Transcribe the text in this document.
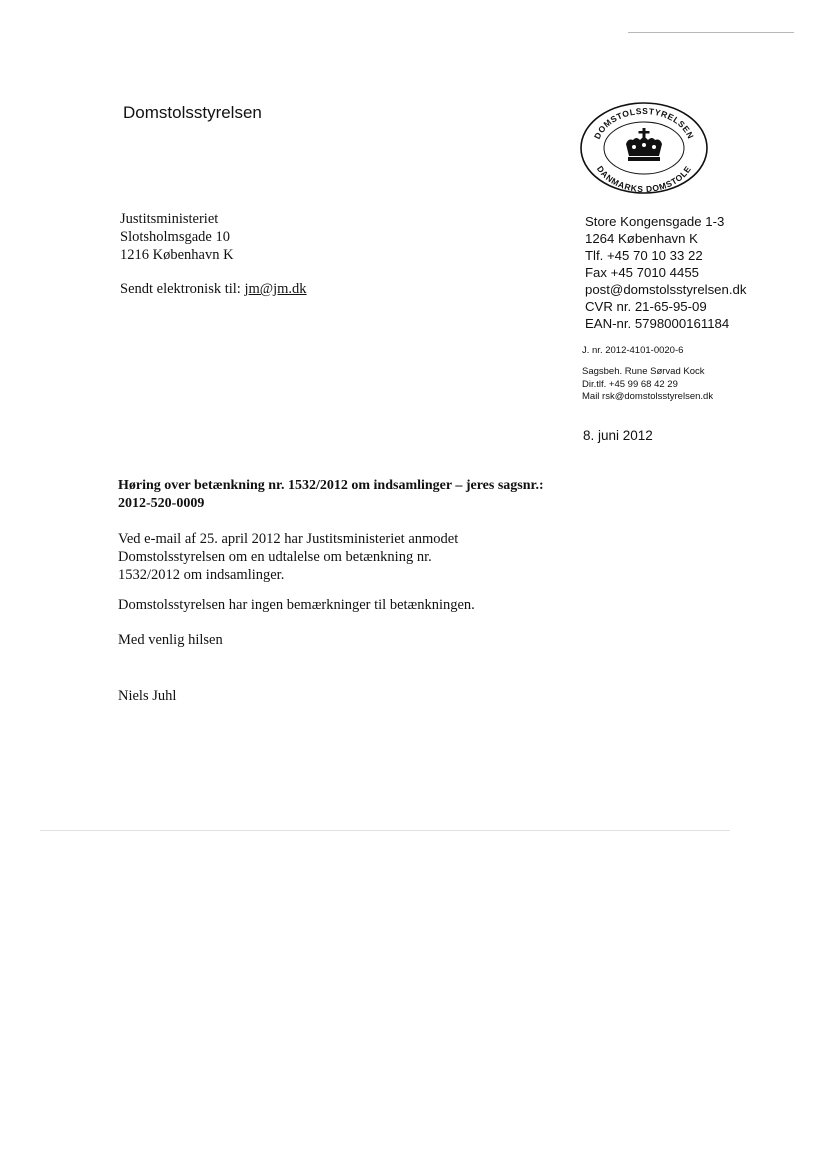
Domstolsstyrelsen
DOMSTOLSSTYRELSEN
DANMARKS DOMSTOLE
Justitsministeriet
Slotsholmsgade 10
1216 København K
Sendt elektronisk til: jm@jm.dk
Store Kongensgade 1-3
1264 København K
Tlf. +45 70 10 33 22
Fax +45 7010 4455
post@domstolsstyrelsen.dk
CVR nr. 21-65-95-09
EAN-nr. 5798000161184
J. nr. 2012-4101-0020-6
Sagsbeh. Rune Sørvad Kock
Dir.tlf. +45 99 68 42 29
Mail rsk@domstolsstyrelsen.dk
8. juni 2012
Høring over betænkning nr. 1532/2012 om indsamlinger – jeres sagsnr.:
2012-520-0009
Ved e-mail af 25. april 2012 har Justitsministeriet anmodet
Domstolsstyrelsen om en udtalelse om betænkning nr.
1532/2012 om indsamlinger.
Domstolsstyrelsen har ingen bemærkninger til betænkningen.
Med venlig hilsen
Niels Juhl
